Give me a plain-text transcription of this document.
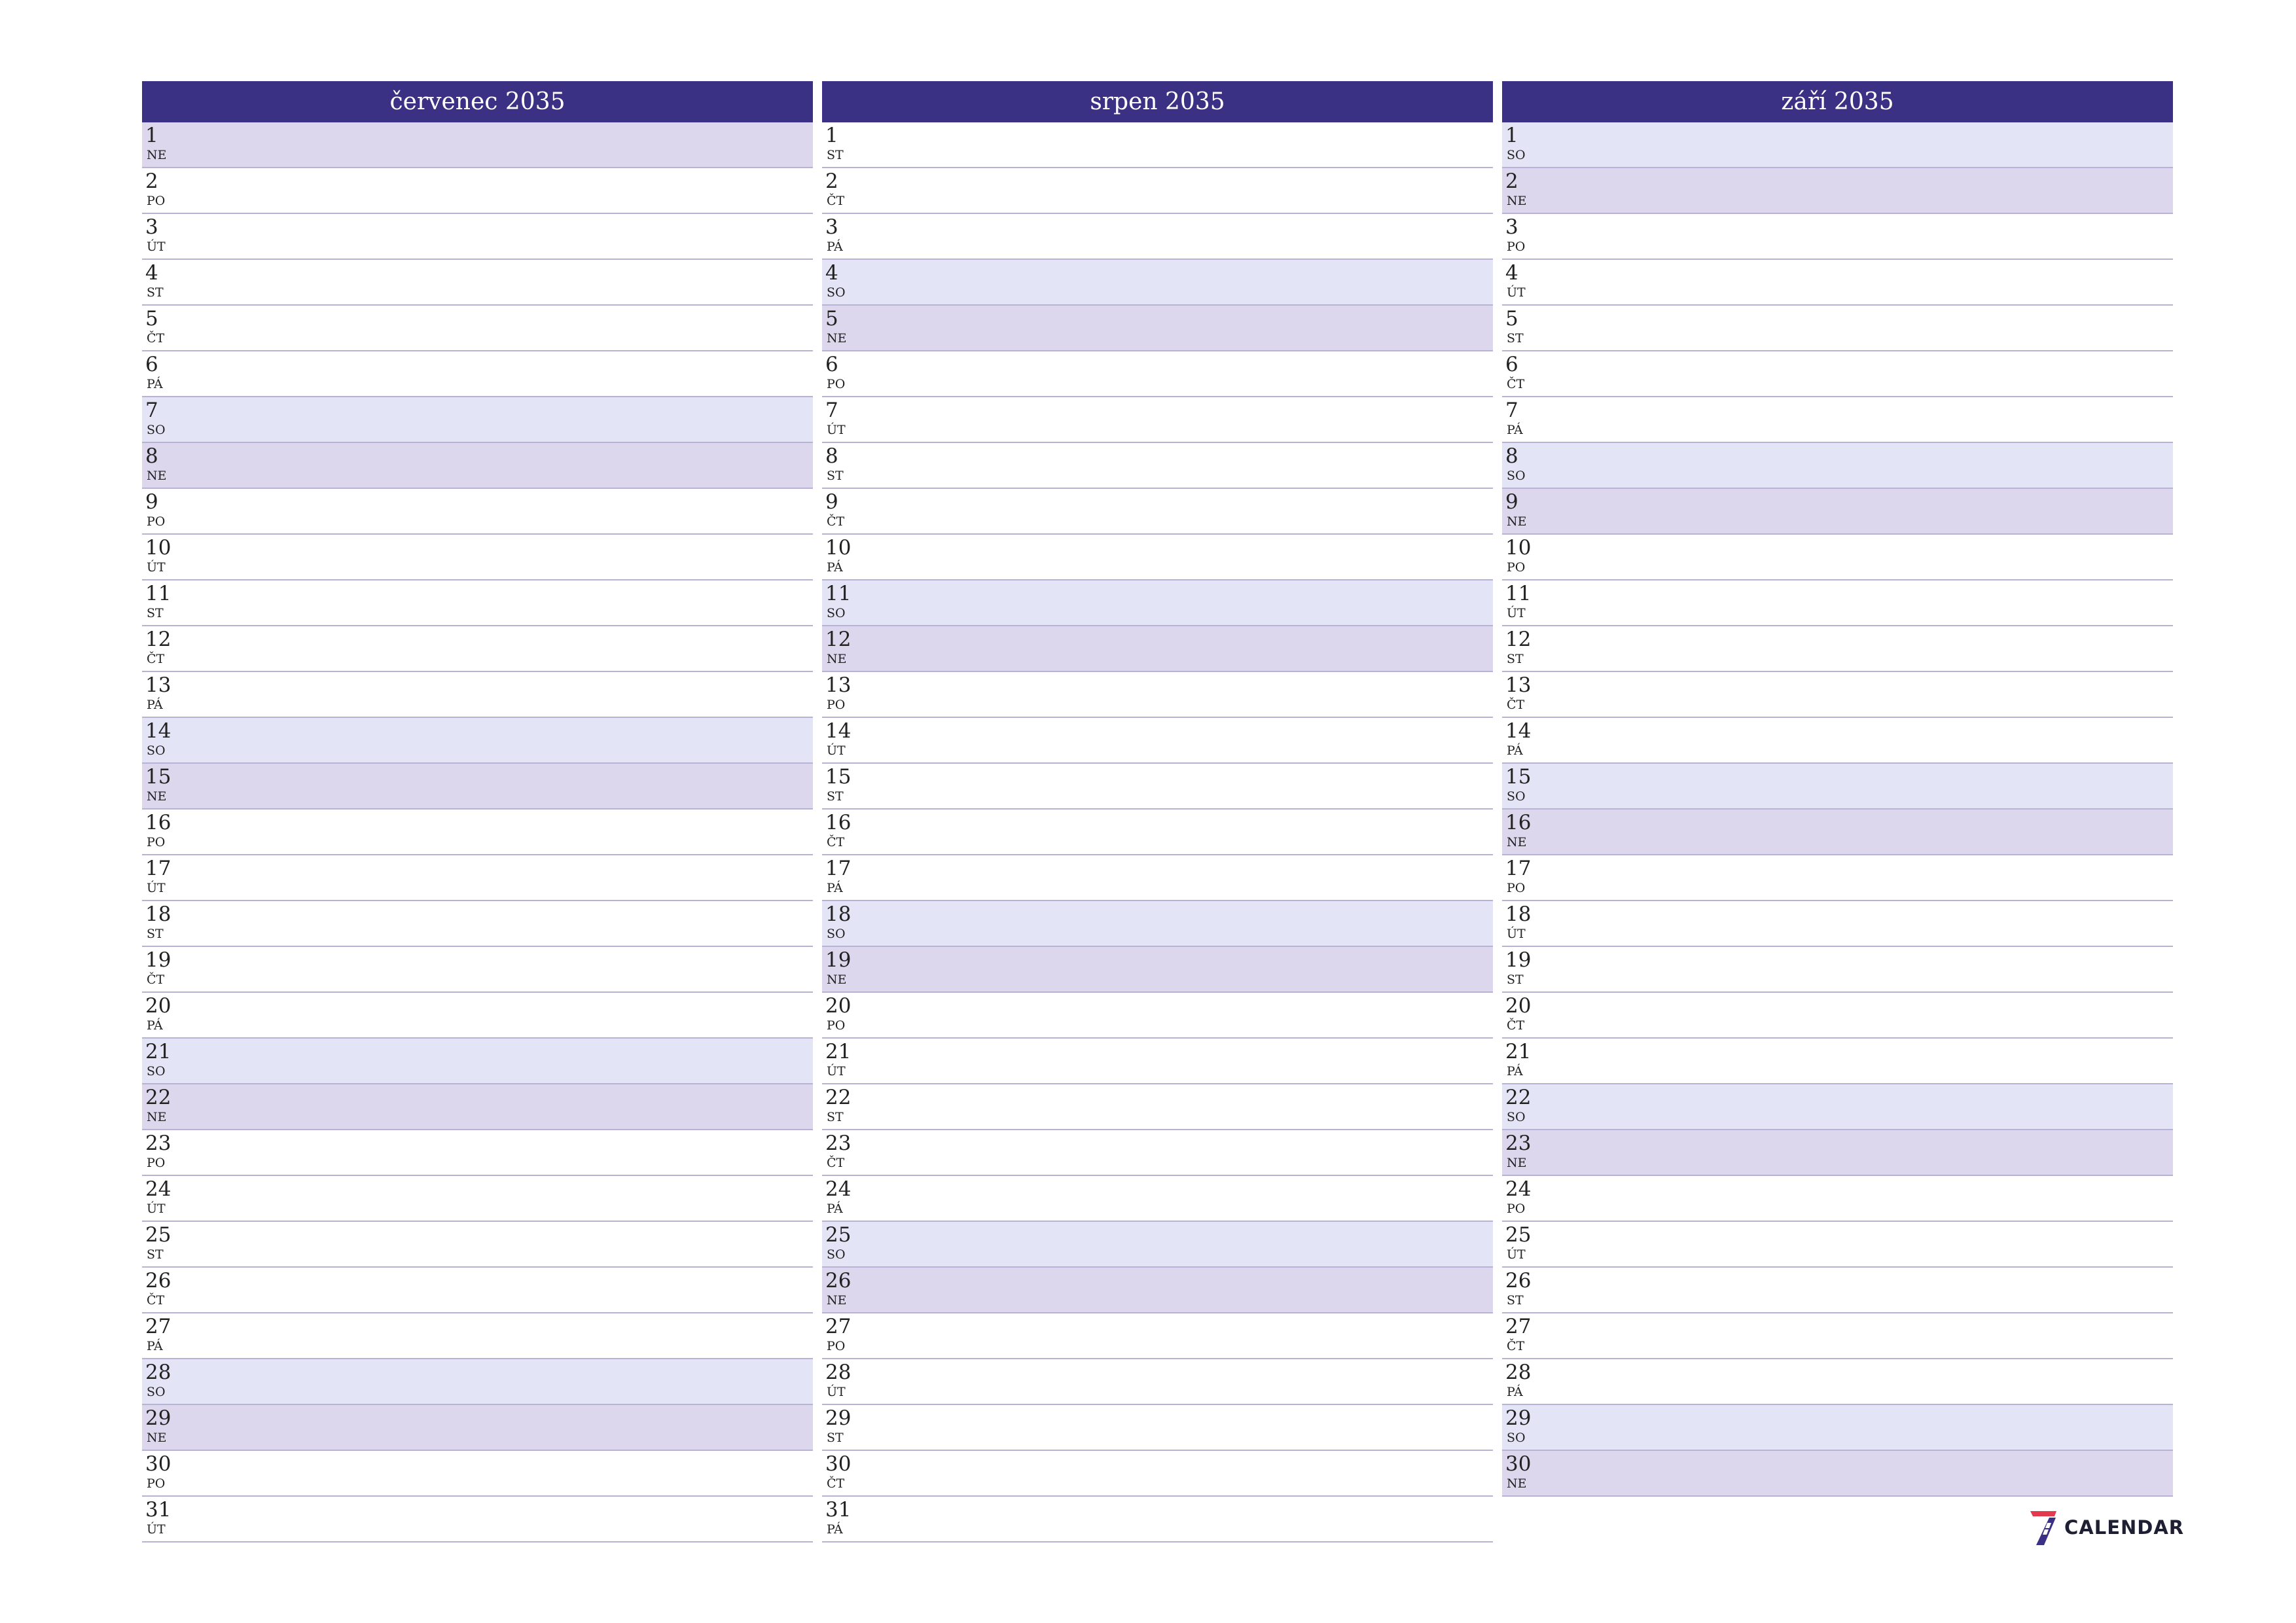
červenec 2035
1
NE
2
PO
3
ÚT
4
ST
5
ČT
6
PÁ
7
SO
8
NE
9
PO
10
ÚT
11
ST
12
ČT
13
PÁ
14
SO
15
NE
16
PO
17
ÚT
18
ST
19
ČT
20
PÁ
21
SO
22
NE
23
PO
24
ÚT
25
ST
26
ČT
27
PÁ
28
SO
29
NE
30
PO
31
ÚT
srpen 2035
1
ST
2
ČT
3
PÁ
4
SO
5
NE
6
PO
7
ÚT
8
ST
9
ČT
10
PÁ
11
SO
12
NE
13
PO
14
ÚT
15
ST
16
ČT
17
PÁ
18
SO
19
NE
20
PO
21
ÚT
22
ST
23
ČT
24
PÁ
25
SO
26
NE
27
PO
28
ÚT
29
ST
30
ČT
31
PÁ
září 2035
1
SO
2
NE
3
PO
4
ÚT
5
ST
6
ČT
7
PÁ
8
SO
9
NE
10
PO
11
ÚT
12
ST
13
ČT
14
PÁ
15
SO
16
NE
17
PO
18
ÚT
19
ST
20
ČT
21
PÁ
22
SO
23
NE
24
PO
25
ÚT
26
ST
27
ČT
28
PÁ
29
SO
30
NE
CALENDAR
